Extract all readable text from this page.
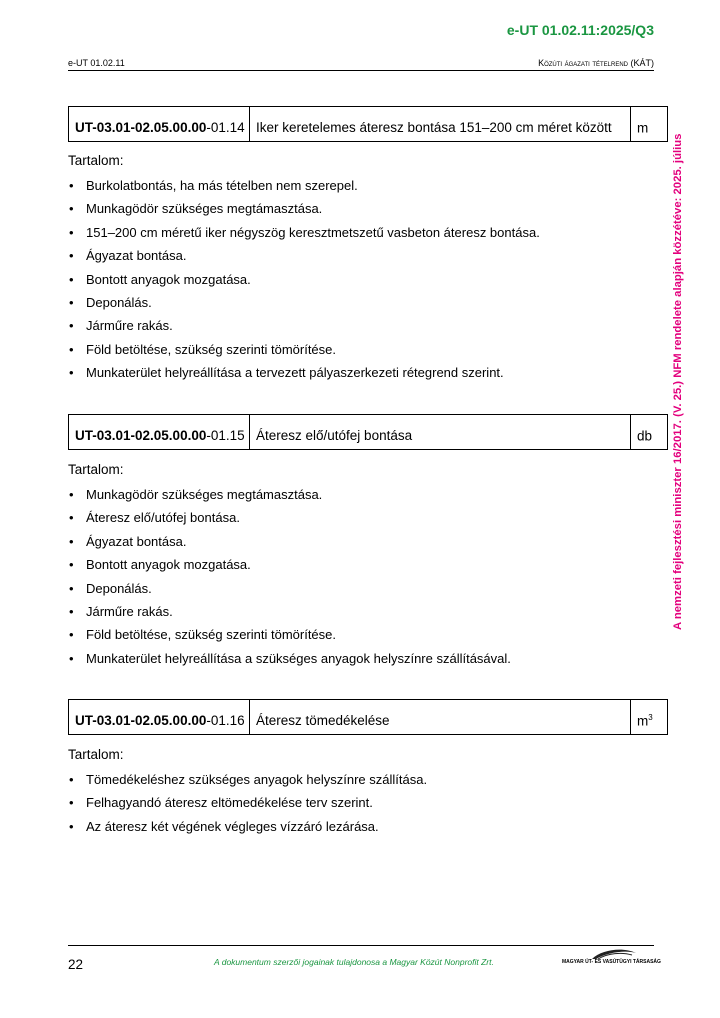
e-UT 01.02.11:2025/Q3
e-UT 01.02.11	Közúti ágazati tételrend (KÁT)
A nemzeti fejlesztési miniszter 16/2017. (V. 25.) NFM rendelete alapján közzétéve: 2025. július
UT-03.01-02.05.00.00-01.14	Iker keretelemes áteresz bontása 151–200 cm méret között	m
Tartalom:
• Burkolatbontás, ha más tételben nem szerepel.
• Munkagödör szükséges megtámasztása.
• 151–200 cm méretű iker négyszög keresztmetszetű vasbeton áteresz bontása.
• Ágyazat bontása.
• Bontott anyagok mozgatása.
• Deponálás.
• Járműre rakás.
• Föld betöltése, szükség szerinti tömörítése.
• Munkaterület helyreállítása a tervezett pályaszerkezeti rétegrend szerint.
UT-03.01-02.05.00.00-01.15	Áteresz elő/utófej bontása	db
Tartalom:
• Munkagödör szükséges megtámasztása.
• Áteresz elő/utófej bontása.
• Ágyazat bontása.
• Bontott anyagok mozgatása.
• Deponálás.
• Járműre rakás.
• Föld betöltése, szükség szerinti tömörítése.
• Munkaterület helyreállítása a szükséges anyagok helyszínre szállításával.
UT-03.01-02.05.00.00-01.16	Áteresz tömedékelése	$m^3$
Tartalom:
• Tömedékeléshez szükséges anyagok helyszínre szállítása.
• Felhagyandó áteresz eltömedékelése terv szerint.
• Az áteresz két végének végleges vízzáró lezárása.
22	A dokumentum szerzői jogainak tulajdonosa a Magyar Közút Nonprofit Zrt.	MAGYAR ÚT- ÉS VASÚTÜGYI TÁRSASÁG
